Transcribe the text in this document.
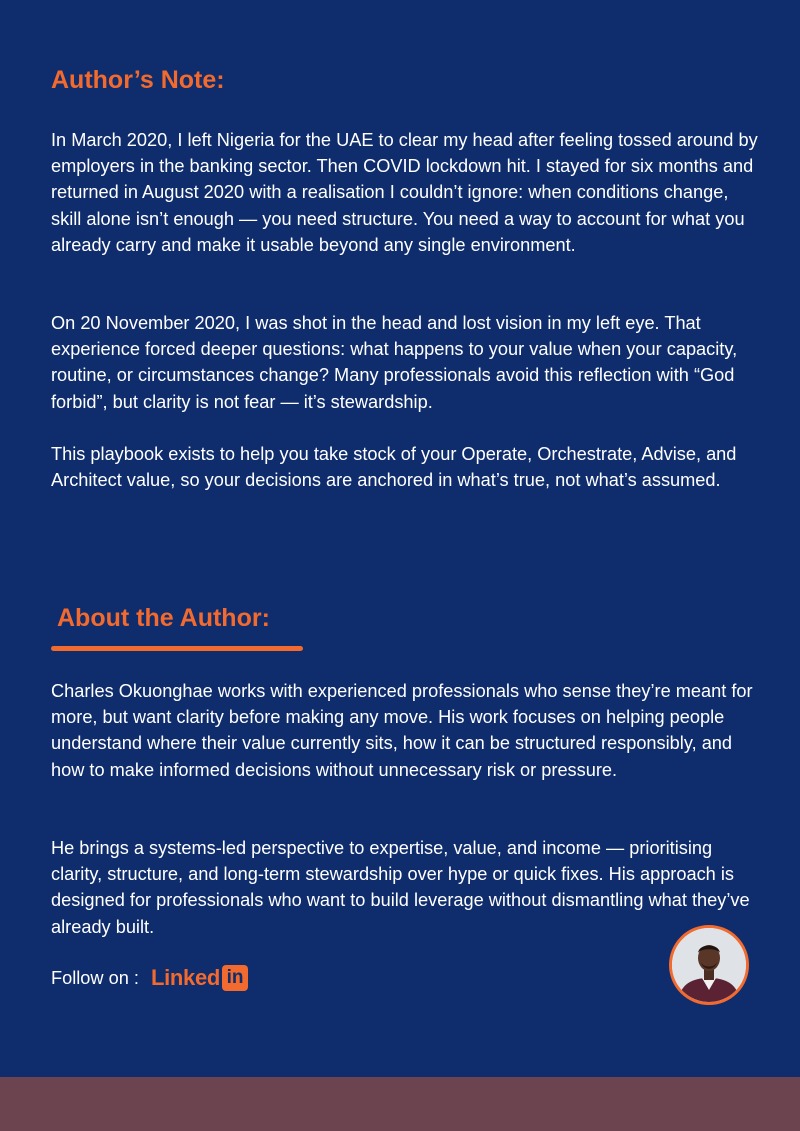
Author’s Note:

In March 2020, I left Nigeria for the UAE to clear my head after feeling tossed around by employers in the banking sector. Then COVID lockdown hit. I stayed for six months and returned in August 2020 with a realisation I couldn’t ignore: when conditions change, skill alone isn’t enough — you need structure. You need a way to account for what you already carry and make it usable beyond any single environment.

On 20 November 2020, I was shot in the head and lost vision in my left eye. That experience forced deeper questions: what happens to your value when your capacity, routine, or circumstances change? Many professionals avoid this reflection with “God forbid”, but clarity is not fear — it’s stewardship.

This playbook exists to help you take stock of your Operate, Orchestrate, Advise, and Architect value, so your decisions are anchored in what’s true, not what’s assumed.

About the Author:

Charles Okuonghae works with experienced professionals who sense they’re meant for more, but want clarity before making any move. His work focuses on helping people understand where their value currently sits, how it can be structured responsibly, and how to make informed decisions without unnecessary risk or pressure.

He brings a systems-led perspective to expertise, value, and income — prioritising clarity, structure, and long-term stewardship over hype or quick fixes. His approach is designed for professionals who want to build leverage without dismantling what they’ve already built.

Follow on : Linked in
